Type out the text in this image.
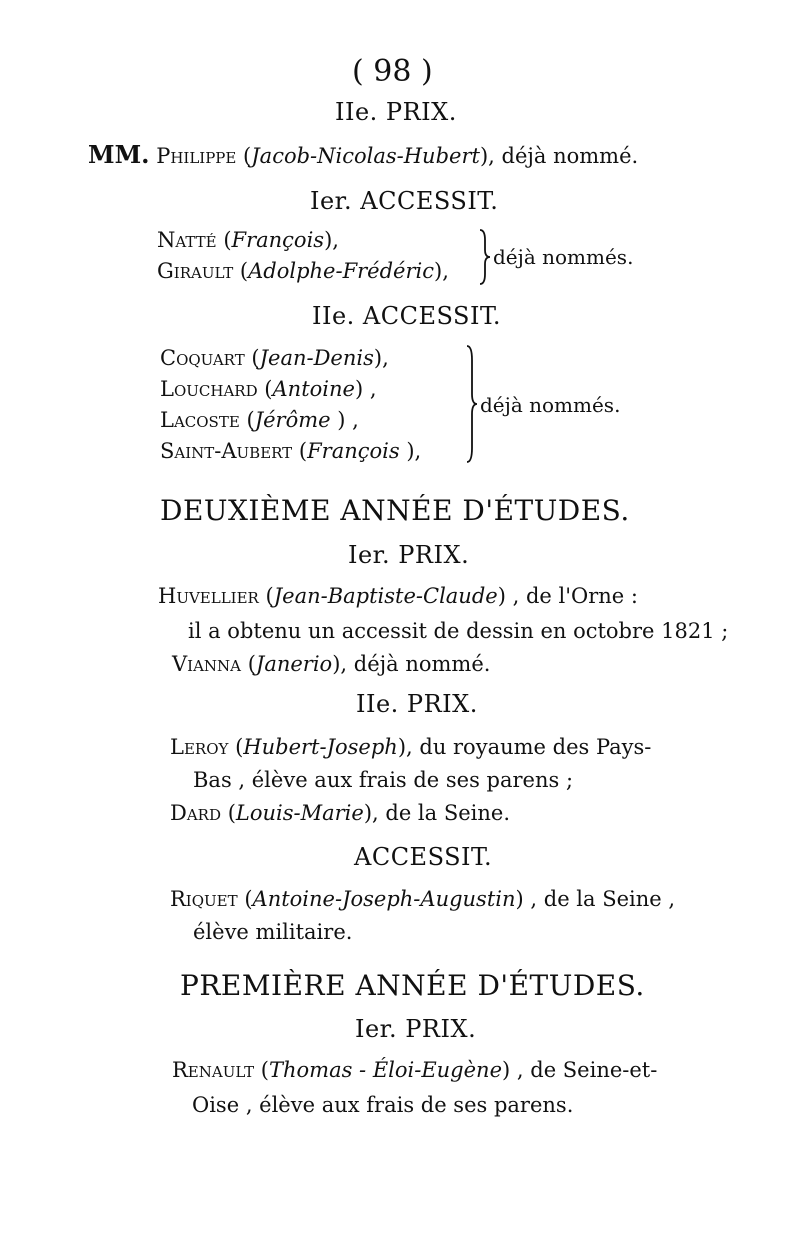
( 98 )
IIe. PRIX.
MM. Philippe (Jacob-Nicolas-Hubert), déjà nommé.
Ier. ACCESSIT.
Natté (François),
Girault (Adolphe-Frédéric),
déjà nommés.
IIe. ACCESSIT.
Coquart (Jean-Denis),
Louchard (Antoine) ,
Lacoste (Jérôme ) ,
Saint-Aubert (François ),
déjà nommés.
DEUXIÈME ANNÉE D'ÉTUDES.
Ier. PRIX.
Huvellier (Jean-Baptiste-Claude) , de l'Orne :
il a obtenu un accessit de dessin en octobre 1821 ;
Vianna (Janerio), déjà nommé.
IIe. PRIX.
Leroy (Hubert-Joseph), du royaume des Pays-
Bas , élève aux frais de ses parens ;
Dard (Louis-Marie), de la Seine.
ACCESSIT.
Riquet (Antoine-Joseph-Augustin) , de la Seine ,
élève militaire.
PREMIÈRE ANNÉE D'ÉTUDES.
Ier. PRIX.
Renault (Thomas - Éloi-Eugène) , de Seine-et-
Oise , élève aux frais de ses parens.
